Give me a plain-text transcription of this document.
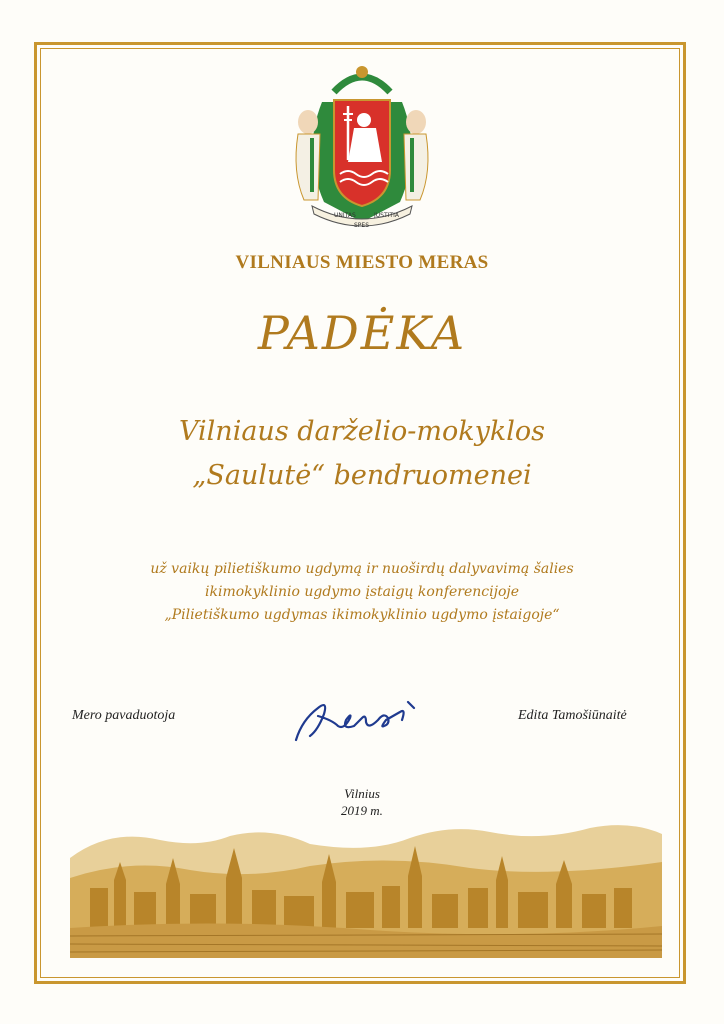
UNITAS	JUSTITIA
SPES
VILNIAUS MIESTO MERAS
PADĖKA
Vilniaus darželio-mokyklos
„Saulutė“ bendruomenei
už vaikų pilietiškumo ugdymą ir nuoširdų dalyvavimą šalies
ikimokyklinio ugdymo įstaigų konferencijoje
„Pilietiškumo ugdymas ikimokyklinio ugdymo įstaigoje“
Mero pavaduotoja	Edita Tamošiūnaitė
Vilnius
2019 m.
